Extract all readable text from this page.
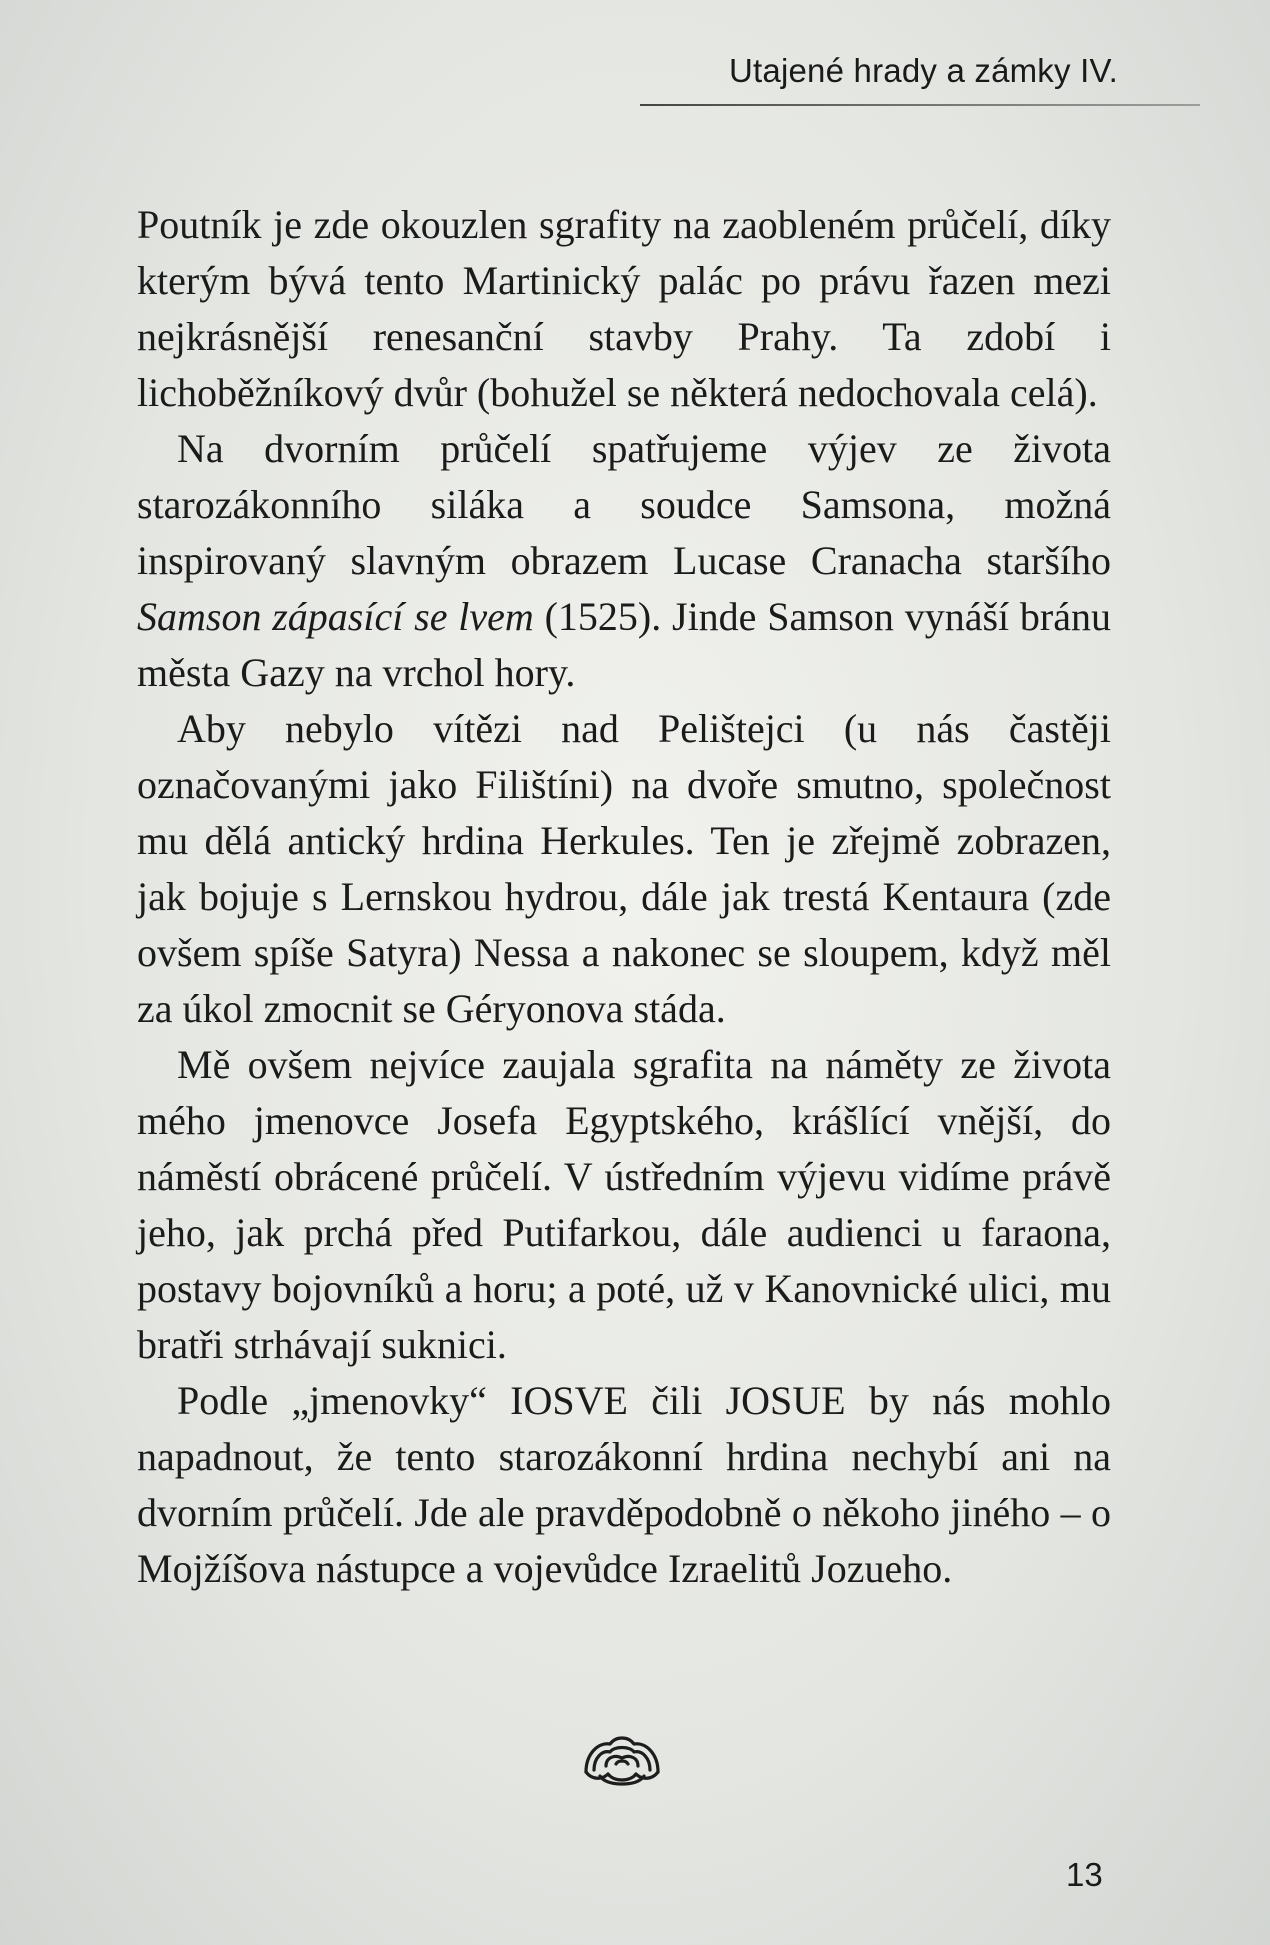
Utajené hrady a zámky IV.

Poutník je zde okouzlen sgrafity na zaobleném průčelí, díky kterým bývá tento Martinický palác po právu řazen mezi nejkrásnější renesanční stavby Prahy. Ta zdobí i lichoběžníkový dvůr (bohužel se některá nedochovala celá).

Na dvorním průčelí spatřujeme výjev ze života starozákonního siláka a soudce Samsona, možná inspirovaný slavným obrazem Lucase Cranacha staršího Samson zápasící se lvem (1525). Jinde Samson vynáší bránu města Gazy na vrchol hory.

Aby nebylo vítězi nad Pelištejci (u nás častěji označovanými jako Filištíni) na dvoře smutno, společnost mu dělá antický hrdina Herkules. Ten je zřejmě zobrazen, jak bojuje s Lernskou hydrou, dále jak trestá Kentaura (zde ovšem spíše Satyra) Nessa a nakonec se sloupem, když měl za úkol zmocnit se Géryonova stáda.

Mě ovšem nejvíce zaujala sgrafita na náměty ze života mého jmenovce Josefa Egyptského, krášlící vnější, do náměstí obrácené průčelí. V ústředním výjevu vidíme právě jeho, jak prchá před Putifarkou, dále audienci u faraona, postavy bojovníků a horu; a poté, už v Kanovnické ulici, mu bratři strhávají suknici.

Podle „jmenovky“ IOSVE čili JOSUE by nás mohlo napadnout, že tento starozákonní hrdina nechybí ani na dvorním průčelí. Jde ale pravděpodobně o někoho jiného – o Mojžíšova nástupce a vojevůdce Izraelitů Jozueho.

13
